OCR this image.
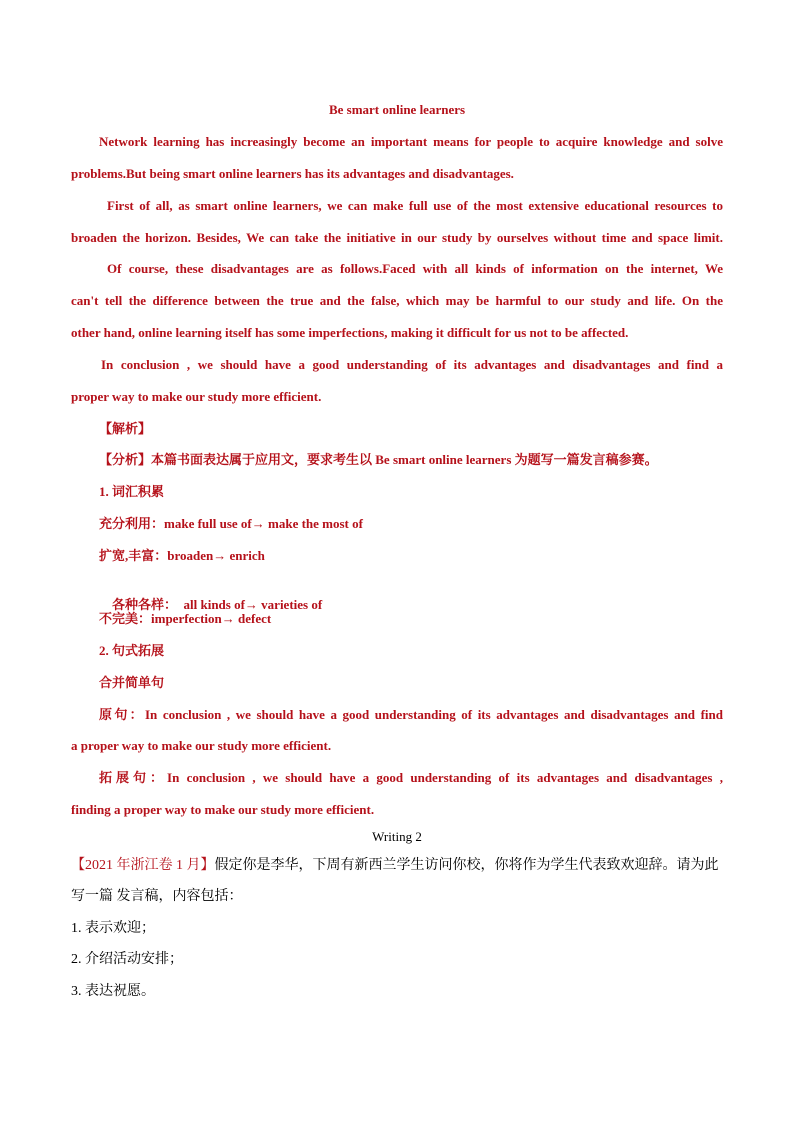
Be smart online learners

Network learning has increasingly become an important means for people to acquire knowledge and solve

problems.But being smart online learners has its advantages and disadvantages.

First of all, as smart online learners, we can make full use of the most extensive educational resources to

broaden the horizon. Besides, We can take the initiative in our study by ourselves without time and space limit.

Of course, these disadvantages are as follows.Faced with all kinds of information on the internet, We

can't tell the difference between the true and the false, which may be harmful to our study and life. On the

other hand, online learning itself has some imperfections, making it difficult for us not to be affected.

In conclusion , we should have a good understanding of its advantages and disadvantages and find a

proper way to make our study more efficient.

【解析】

【分析】本篇书面表达属于应用文，要求考生以 Be smart online learners 为题写一篇发言稿参赛。

1. 词汇积累

充分利用：make full use of→ make the most of

扩宽,丰富：broaden→ enrich

各种各样：  all kinds of→ varieties of

不完美：imperfection→ defect

2. 句式拓展

合并简单句

原句：In conclusion , we should have a good understanding of its advantages and disadvantages and find

a proper way to make our study more efficient.

拓展句：In conclusion , we should have a good understanding of its advantages and disadvantages ,

finding a proper way to make our study more efficient.

Writing 2

【2021 年浙江卷 1 月】假定你是李华，下周有新西兰学生访问你校，你将作为学生代表致欢迎辞。请为此

写一篇 发言稿，内容包括：

1. 表示欢迎；

2. 介绍活动安排；

3. 表达祝愿。
